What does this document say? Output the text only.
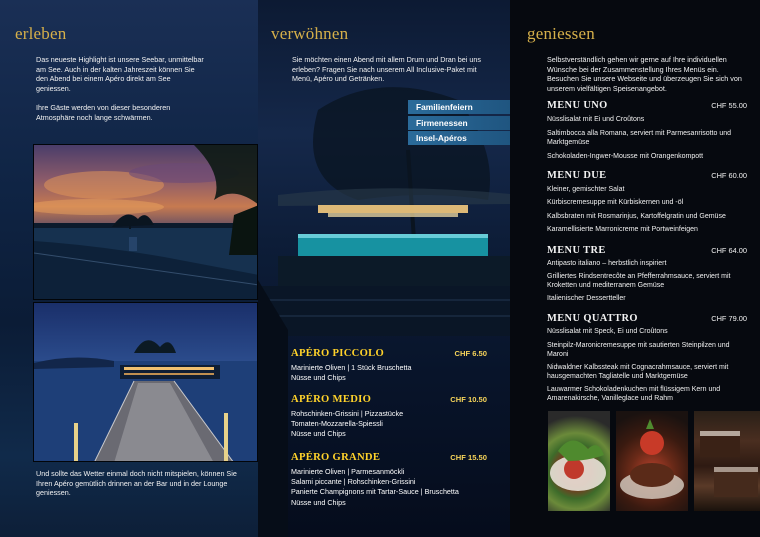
erleben
Das neueste Highlight ist unsere Seebar, unmittelbar am See. Auch in der kalten Jahreszeit können Sie den Abend bei einem Apéro direkt am See geniessen.
Ihre Gäste werden von dieser besonderen Atmosphäre noch lange schwärmen.
Und sollte das Wetter einmal doch nicht mitspielen, können Sie Ihren Apéro gemütlich drinnen an der Bar und in der Lounge geniessen.
verwöhnen
Sie möchten einen Abend mit allem Drum und Dran bei uns erleben? Fragen Sie nach unserem All Inclusive-Paket mit Menü, Apéro und Getränken.
Familienfeiern
Firmenessen
Insel-Apéros
APÉRO PICCOLO	CHF 6.50
Marinierte Oliven | 1 Stück Bruschetta
Nüsse und Chips
APÉRO MEDIO	CHF 10.50
Rohschinken-Grissini | Pizzastücke
Tomaten-Mozzarella-Spiessli
Nüsse und Chips
APÉRO GRANDE	CHF 15.50
Marinierte Oliven | Parmesanmöckli
Salami piccante | Rohschinken-Grissini
Panierte Champignons mit Tartar-Sauce | Bruschetta
Nüsse und Chips
geniessen
Selbstverständlich gehen wir gerne auf Ihre individuellen Wünsche bei der Zusammenstellung Ihres Menüs ein. Besuchen Sie unsere Webseite und überzeugen Sie sich von unserem vielfältigen Speisenangebot.
MENU UNO	CHF 55.00
Nüsslisalat mit Ei und Croûtons
Saltimbocca alla Romana, serviert mit Parmesanrisotto und Marktgemüse
Schokoladen-Ingwer-Mousse mit Orangenkompott
MENU DUE	CHF 60.00
Kleiner, gemischter Salat
Kürbiscremesuppe mit Kürbiskernen und -öl
Kalbsbraten mit Rosmarinjus, Kartoffelgratin und Gemüse
Karamellisierte Marronicreme mit Portweinfeigen
MENU TRE	CHF 64.00
Antipasto italiano – herbstlich inspiriert
Grilliertes Rindsentrecôte an Pfefferrahmsauce, serviert mit Kroketten und mediterranem Gemüse
Italienischer Dessertteller
MENU QUATTRO	CHF 79.00
Nüsslisalat mit Speck, Ei und Croûtons
Steinpilz-Maronicremesuppe mit sautierten Steinpilzen und Maroni
Nidwaldner Kalbssteak mit Cognacrahmsauce, serviert mit hausgemachten Tagliatelle und Marktgemüse
Lauwarmer Schokoladenkuchen mit flüssigem Kern und Amarenakirsche, Vanilleglace und Rahm
